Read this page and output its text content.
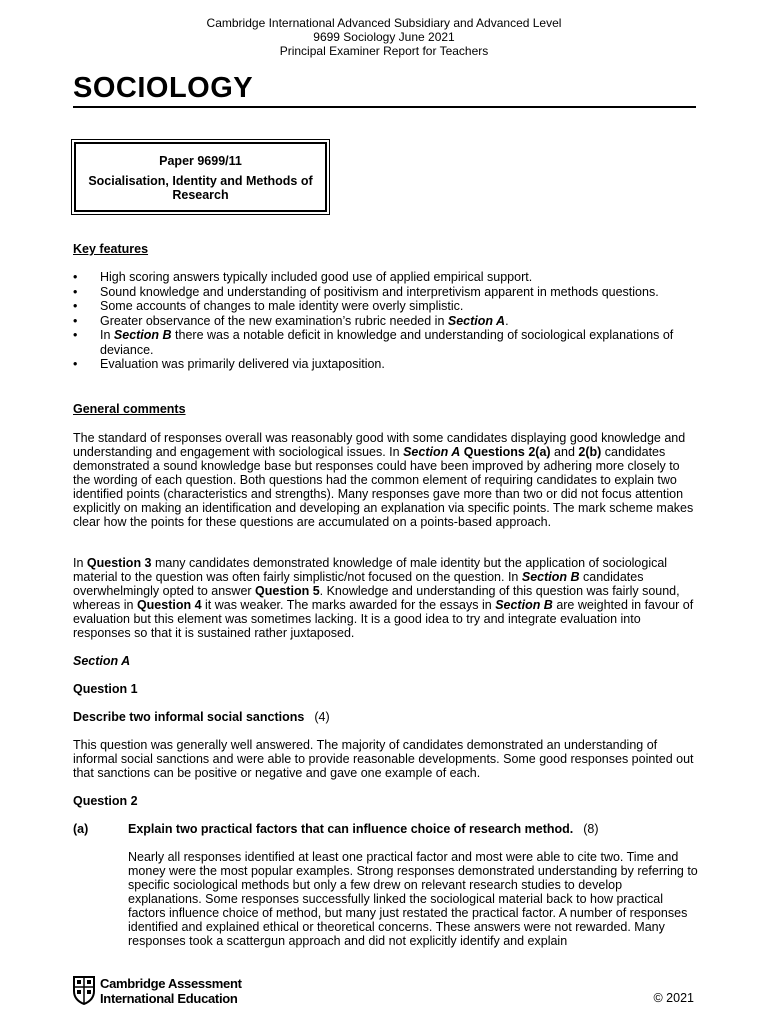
Cambridge International Advanced Subsidiary and Advanced Level
9699 Sociology June 2021
Principal Examiner Report for Teachers
SOCIOLOGY
Paper 9699/11
Socialisation, Identity and Methods of Research
Key features
• High scoring answers typically included good use of applied empirical support.
• Sound knowledge and understanding of positivism and interpretivism apparent in methods questions.
• Some accounts of changes to male identity were overly simplistic.
• Greater observance of the new examination’s rubric needed in Section A.
• In Section B there was a notable deficit in knowledge and understanding of sociological explanations of deviance.
• Evaluation was primarily delivered via juxtaposition.
General comments

The standard of responses overall was reasonably good with some candidates displaying good knowledge and understanding and engagement with sociological issues. In Section A Questions 2(a) and 2(b) candidates demonstrated a sound knowledge base but responses could have been improved by adhering more closely to the wording of each question. Both questions had the common element of requiring candidates to explain two identified points (characteristics and strengths). Many responses gave more than two or did not focus attention explicitly on making an identification and developing an explanation via specific points. The mark scheme makes clear how the points for these questions are accumulated on a points-based approach.

In Question 3 many candidates demonstrated knowledge of male identity but the application of sociological material to the question was often fairly simplistic/not focused on the question. In Section B candidates overwhelmingly opted to answer Question 5. Knowledge and understanding of this question was fairly sound, whereas in Question 4 it was weaker. The marks awarded for the essays in Section B are weighted in favour of evaluation but this element was sometimes lacking. It is a good idea to try and integrate evaluation into responses so that it is sustained rather juxtaposed.

Section A
Question 1
Describe two informal social sanctions (4)

This question was generally well answered. The majority of candidates demonstrated an understanding of informal social sanctions and were able to provide reasonable developments. Some good responses pointed out that sanctions can be positive or negative and gave one example of each.

Question 2
(a)	Explain two practical factors that can influence choice of research method. (8)

Nearly all responses identified at least one practical factor and most were able to cite two. Time and money were the most popular examples. Strong responses demonstrated understanding by referring to specific sociological methods but only a few drew on relevant research studies to develop explanations. Some responses successfully linked the sociological material back to how practical factors influence choice of method, but many just restated the practical factor. A number of responses identified and explained ethical or theoretical concerns. These answers were not rewarded. Many responses took a scattergun approach and did not explicitly identify and explain

Cambridge Assessment
International Education	© 2021
